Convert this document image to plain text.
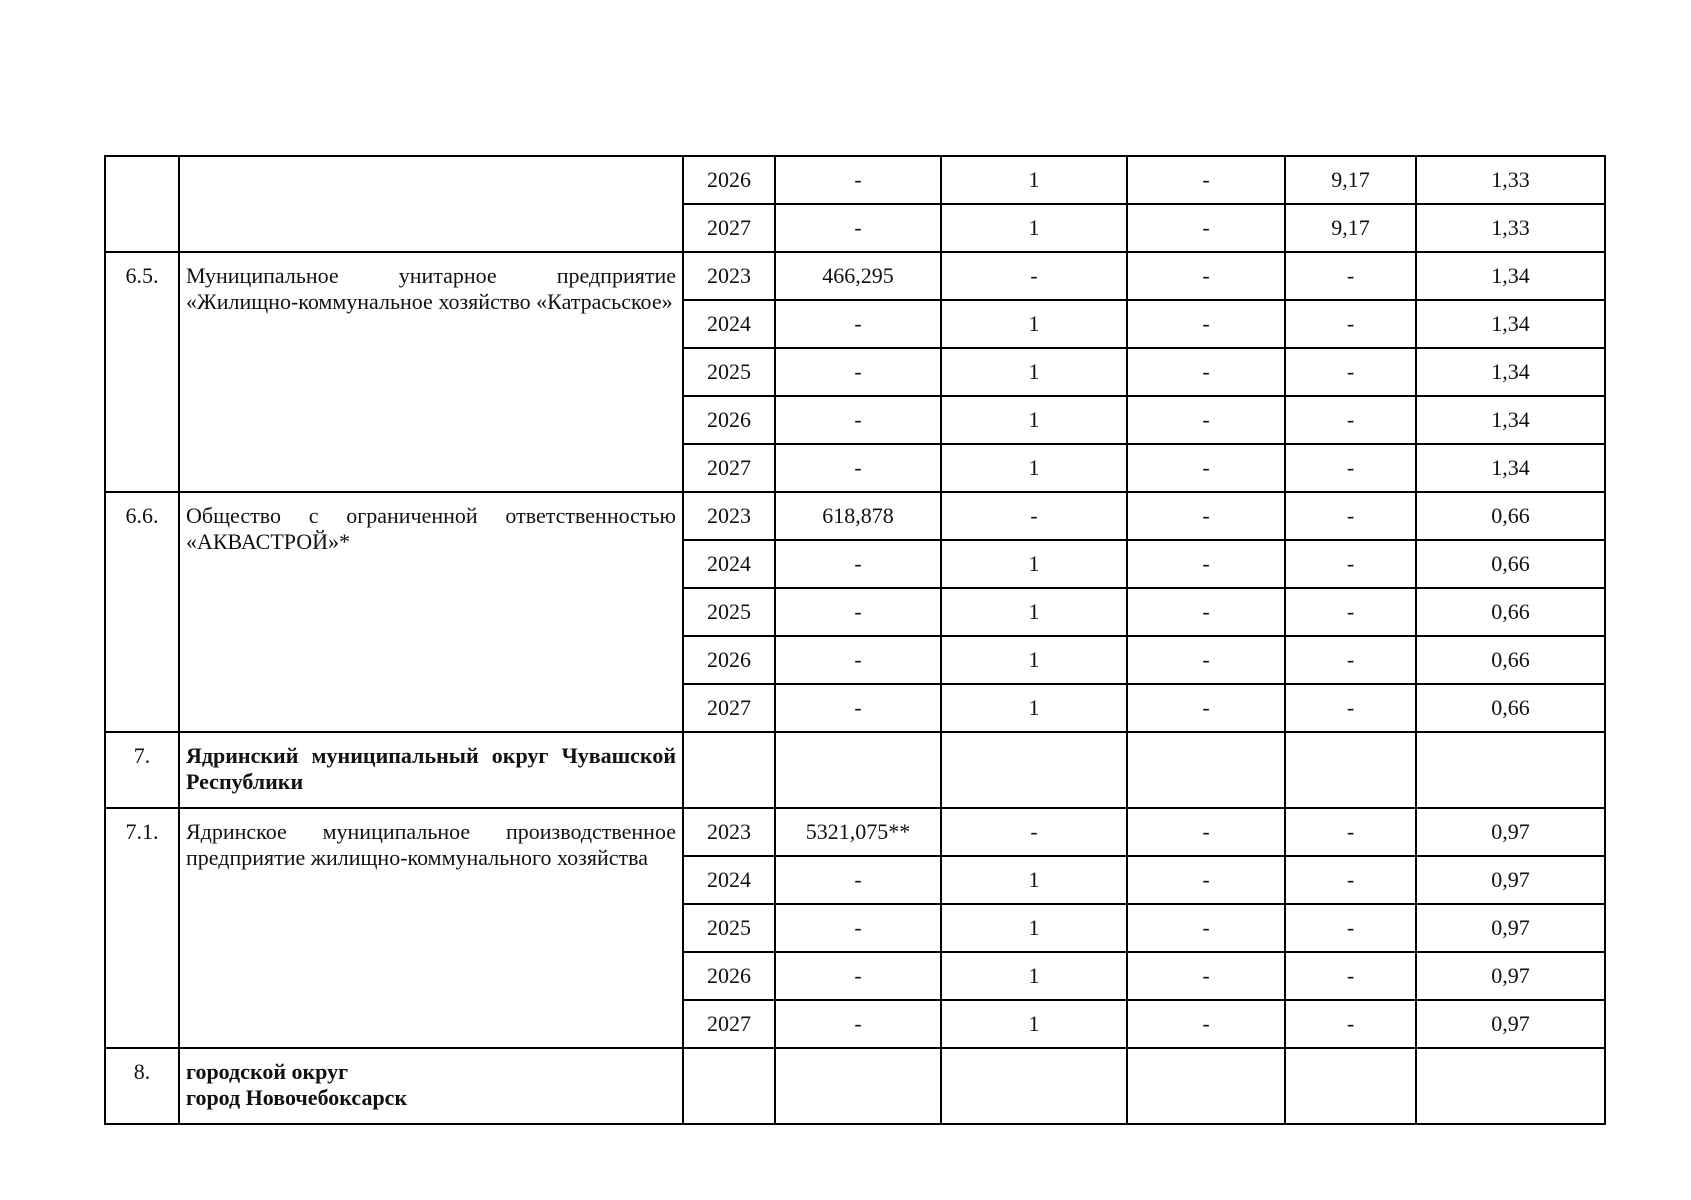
		2026	-	1	-	9,17	1,33
		2027	-	1	-	9,17	1,33
6.5.	Муниципальное унитарное предприятие «Жилищно-коммунальное хозяйство «Катрасьское»	2023	466,295	-	-	-	1,34
		2024	-	1	-	-	1,34
		2025	-	1	-	-	1,34
		2026	-	1	-	-	1,34
		2027	-	1	-	-	1,34
6.6.	Общество с ограниченной ответственностью «АКВАСТРОЙ»*	2023	618,878	-	-	-	0,66
		2024	-	1	-	-	0,66
		2025	-	1	-	-	0,66
		2026	-	1	-	-	0,66
		2027	-	1	-	-	0,66
7.	Ядринский муниципальный округ Чувашской Республики						
7.1.	Ядринское муниципальное производственное предприятие жилищно-коммунального хозяйства	2023	5321,075**	-	-	-	0,97
		2024	-	1	-	-	0,97
		2025	-	1	-	-	0,97
		2026	-	1	-	-	0,97
		2027	-	1	-	-	0,97
8.	городской округ
город Новочебоксарск						
